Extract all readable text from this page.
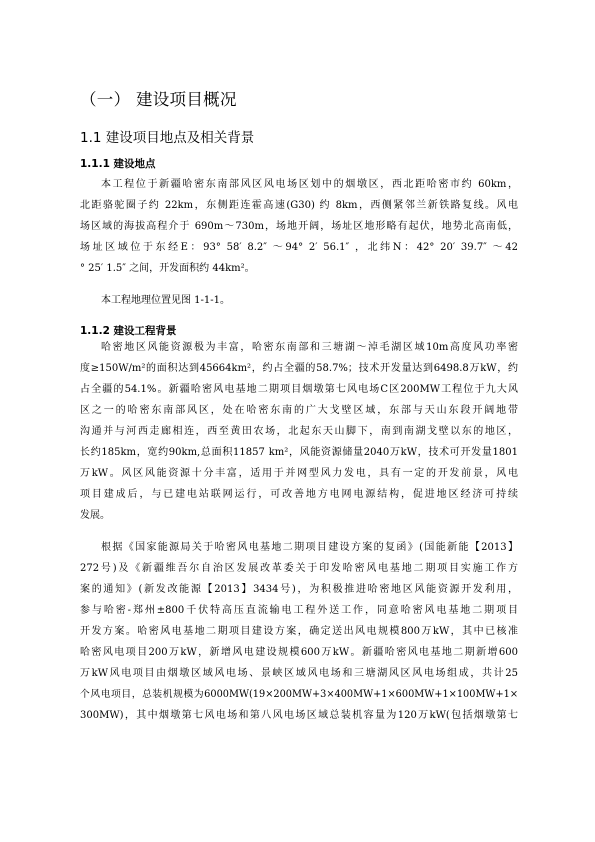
（一） 建设项目概况
1.1 建设项目地点及相关背景
1.1.1 建设地点
本工程位于新疆哈密东南部风区风电场区划中的烟墩区，西北距哈密市约 60km，
北距骆驼圈子约 22km，东侧距连霍高速(G30) 约 8km，西侧紧邻兰新铁路复线。风电
场区域的海拔高程介于 690m～730m，场地开阔，场址区地形略有起伏，地势北高南低，
场址区域位于东经E：93° 58′ 8.2″ ～94° 2′ 56.1″ ，北纬N：42° 20′ 39.7″ ～42
° 25′ 1.5″ 之间，开发面积约 44km²。
本工程地理位置见图 1-1-1。
1.1.2 建设工程背景
哈密地区风能资源极为丰富，哈密东南部和三塘湖～淖毛湖区域10m高度风功率密
度≥150W/m²的面积达到45664km²，约占全疆的58.7%；技术开发量达到6498.8万kW，约
占全疆的54.1%。新疆哈密风电基地二期项目烟墩第七风电场C区200MW工程位于九大风
区之一的哈密东南部风区，处在哈密东南的广大戈壁区域，东部与天山东段开阔地带
沟通并与河西走廊相连，西至黄田农场，北起东天山脚下，南到南湖戈壁以东的地区，
长约185km，宽约90km,总面积11857 km²，风能资源储量2040万kW，技术可开发量1801
万kW。风区风能资源十分丰富，适用于并网型风力发电，具有一定的开发前景，风电
项目建成后，与已建电站联网运行，可改善地方电网电源结构，促进地区经济可持续
发展。
根据《国家能源局关于哈密风电基地二期项目建设方案的复函》(国能新能【2013】
272号)及《新疆维吾尔自治区发展改革委关于印发哈密风电基地二期项目实施工作方
案的通知》(新发改能源【2013】3434号)，为积极推进哈密地区风能资源开发利用，
参与哈密-郑州±800千伏特高压直流输电工程外送工作，同意哈密风电基地二期项目
开发方案。哈密风电基地二期项目建设方案，确定送出风电规模800万kW，其中已核准
哈密风电项目200万kW，新增风电建设规模600万kW。新疆哈密风电基地二期新增600
万kW风电项目由烟墩区域风电场、景峡区域风电场和三塘湖风区风电场组成，共计25
个风电项目，总装机规模为6000MW(19×200MW+3×400MW+1×600MW+1×100MW+1×
300MW)，其中烟墩第七风电场和第八风电场区域总装机容量为120万kW(包括烟墩第七
